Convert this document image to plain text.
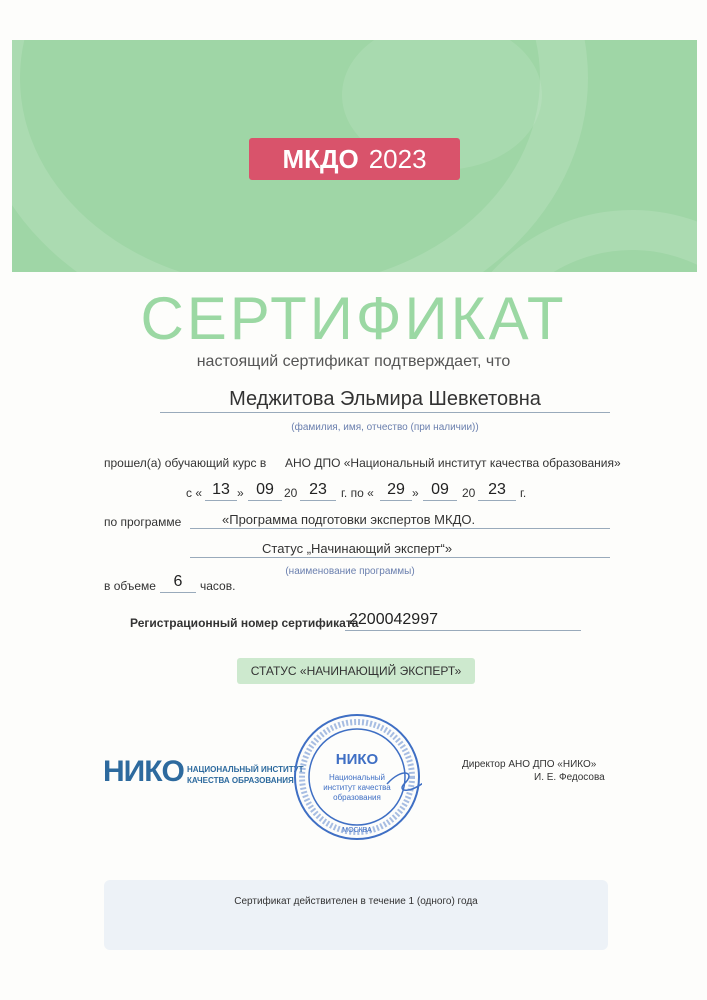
МКДО 2023
СЕРТИФИКАТ
настоящий сертификат подтверждает, что
Меджитова Эльмира Шевкетовна
(фамилия, имя, отчество (при наличии))
прошел(а) обучающий курс в АНО ДПО «Национальный институт качества образования»
с « 13 » 09 20 23	г. по « 29 » 09	20 23	г.
по программе	«Программа подготовки экспертов МКДО.
Статус „Начинающий эксперт“»
(наименование программы)
в объеме	6	часов.
Регистрационный номер сертификата
2200042997
СТАТУС «НАЧИНАЮЩИЙ ЭКСПЕРТ»
НИКО НАЦИОНАЛЬНЫЙ ИНСТИТУТ
КАЧЕСТВА ОБРАЗОВАНИЯ
НИКО
Национальный
институт качества
образования
МОСКВА
Директор АНО ДПО «НИКО»
И. Е. Федосова
Сертификат действителен в течение 1 (одного) года
